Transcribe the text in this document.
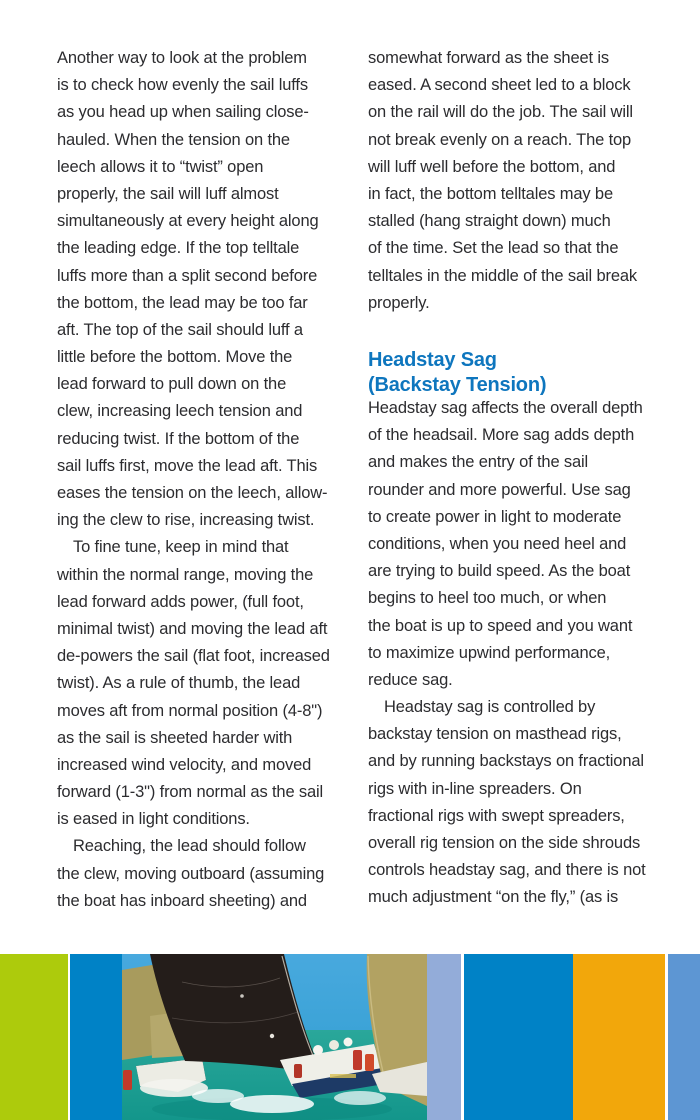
Another way to look at the problem
is to check how evenly the sail luffs
as you head up when sailing close-
hauled. When the tension on the
leech allows it to “twist” open
properly, the sail will luff almost
simultaneously at every height along
the leading edge. If the top telltale
luffs more than a split second before
the bottom, the lead may be too far
aft. The top of the sail should luff a
little before the bottom. Move the
lead forward to pull down on the
clew, increasing leech tension and
reducing twist. If the bottom of the
sail luffs first, move the lead aft. This
eases the tension on the leech, allow-
ing the clew to rise, increasing twist.
To fine tune, keep in mind that
within the normal range, moving the
lead forward adds power, (full foot,
minimal twist) and moving the lead aft
de-powers the sail (flat foot, increased
twist). As a rule of thumb, the lead
moves aft from normal position (4-8")
as the sail is sheeted harder with
increased wind velocity, and moved
forward (1-3") from normal as the sail
is eased in light conditions.
Reaching, the lead should follow
the clew, moving outboard (assuming
the boat has inboard sheeting) and
somewhat forward as the sheet is
eased. A second sheet led to a block
on the rail will do the job. The sail will
not break evenly on a reach. The top
will luff well before the bottom, and
in fact, the bottom telltales may be
stalled (hang straight down) much
of the time. Set the lead so that the
telltales in the middle of the sail break
properly.
Headstay Sag
(Backstay Tension)
Headstay sag affects the overall depth
of the headsail. More sag adds depth
and makes the entry of the sail
rounder and more powerful. Use sag
to create power in light to moderate
conditions, when you need heel and
are trying to build speed. As the boat
begins to heel too much, or when
the boat is up to speed and you want
to maximize upwind performance,
reduce sag.
Headstay sag is controlled by
backstay tension on masthead rigs,
and by running backstays on fractional
rigs with in-line spreaders. On
fractional rigs with swept spreaders,
overall rig tension on the side shrouds
controls headstay sag, and there is not
much adjustment “on the fly,” (as is
